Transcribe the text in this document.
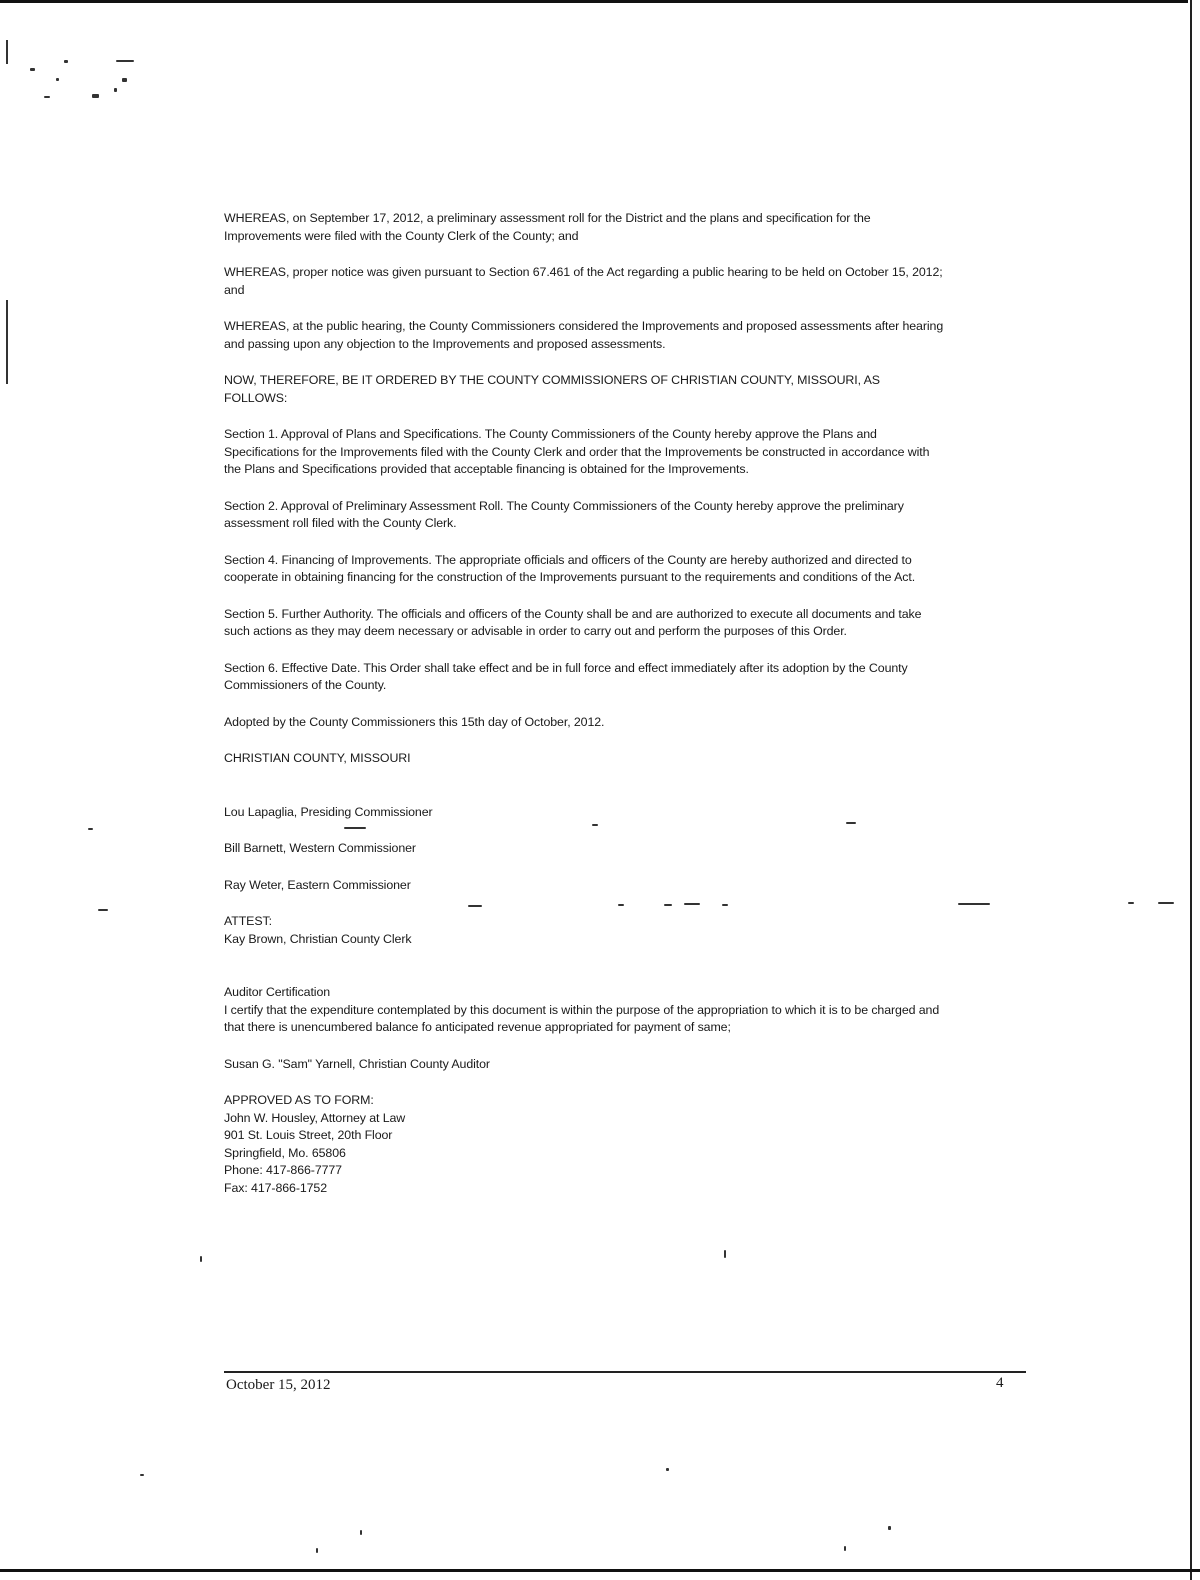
WHEREAS, on September 17, 2012, a preliminary assessment roll for the District and the plans and specification for the Improvements were filed with the County Clerk of the County; and

WHEREAS, proper notice was given pursuant to Section 67.461 of the Act regarding a public hearing to be held on October 15, 2012; and

WHEREAS, at the public hearing, the County Commissioners considered the Improvements and proposed assessments after hearing and passing upon any objection to the Improvements and proposed assessments.

NOW, THEREFORE, BE IT ORDERED BY THE COUNTY COMMISSIONERS OF CHRISTIAN COUNTY, MISSOURI, AS FOLLOWS:

Section 1. Approval of Plans and Specifications. The County Commissioners of the County hereby approve the Plans and Specifications for the Improvements filed with the County Clerk and order that the Improvements be constructed in accordance with the Plans and Specifications provided that acceptable financing is obtained for the Improvements.

Section 2. Approval of Preliminary Assessment Roll. The County Commissioners of the County hereby approve the preliminary assessment roll filed with the County Clerk.

Section 4. Financing of Improvements. The appropriate officials and officers of the County are hereby authorized and directed to cooperate in obtaining financing for the construction of the Improvements pursuant to the requirements and conditions of the Act.

Section 5. Further Authority. The officials and officers of the County shall be and are authorized to execute all documents and take such actions as they may deem necessary or advisable in order to carry out and perform the purposes of this Order.

Section 6. Effective Date. This Order shall take effect and be in full force and effect immediately after its adoption by the County Commissioners of the County.

Adopted by the County Commissioners this 15th day of October, 2012.

CHRISTIAN COUNTY, MISSOURI

Lou Lapaglia, Presiding Commissioner

Bill Barnett, Western Commissioner

Ray Weter, Eastern Commissioner

ATTEST:

Kay Brown, Christian County Clerk

Auditor Certification

I certify that the expenditure contemplated by this document is within the purpose of the appropriation to which it is to be charged and that there is unencumbered balance fo anticipated revenue appropriated for payment of same;

Susan G. "Sam" Yarnell, Christian County Auditor

APPROVED AS TO FORM:

John W. Housley, Attorney at Law

901 St. Louis Street, 20th Floor

Springfield, Mo. 65806

Phone: 417-866-7777

Fax: 417-866-1752

October 15, 2012	4
